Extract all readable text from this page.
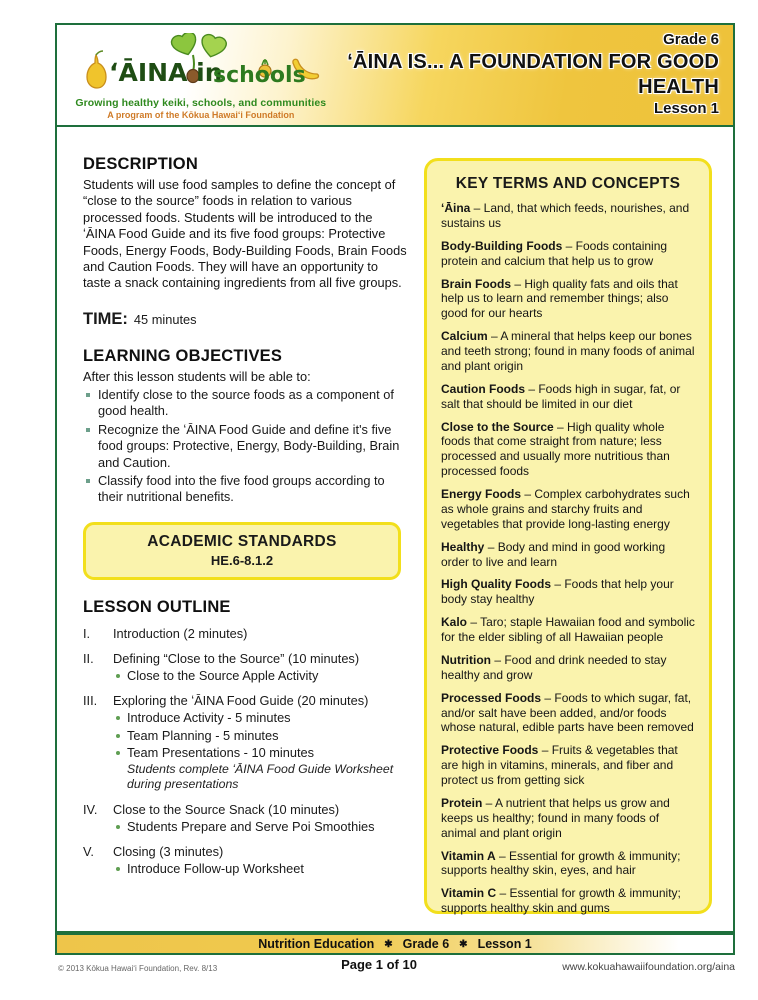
ʻĀINA in
schools
Growing healthy keiki, schools, and communities
A program of the Kōkua Hawaiʻi Foundation
Grade 6
ʻĀINA IS... A FOUNDATION FOR GOOD HEALTH
Lesson 1
DESCRIPTION

Students will use food samples to define the concept of “close to the source” foods in relation to various processed foods. Students will be introduced to the ʻĀINA Food Guide and its five food groups: Protective Foods, Energy Foods, Body-Building Foods, Brain Foods and Caution Foods. They will have an opportunity to taste a snack containing ingredients from all five groups.

TIME: 45 minutes
LEARNING OBJECTIVES
After this lesson students will be able to:
Identify close to the source foods as a component of good health.
Recognize the ʻĀINA Food Guide and define it's five food groups: Protective, Energy, Body-Building, Brain and Caution.
Classify food into the five food groups according to their nutritional benefits.
ACADEMIC STANDARDS
HE.6-8.1.2
LESSON OUTLINE
I.	Introduction (2 minutes)
II.	Defining “Close to the Source” (10 minutes)
Close to the Source Apple Activity
III.	Exploring the ʻĀINA Food Guide (20 minutes)
Introduce Activity - 5 minutes
Team Planning - 5 minutes
Team Presentations - 10 minutes
Students complete ʻĀINA Food Guide Worksheet during presentations
IV.	Close to the Source Snack (10 minutes)
Students Prepare and Serve Poi Smoothies
V.	Closing (3 minutes)
Introduce Follow-up Worksheet
KEY TERMS AND CONCEPTS

ʻĀina – Land, that which feeds, nourishes, and sustains us

Body-Building Foods – Foods containing protein and calcium that help us to grow

Brain Foods – High quality fats and oils that help us to learn and remember things; also good for our hearts

Calcium – A mineral that helps keep our bones and teeth strong; found in many foods of animal and plant origin

Caution Foods – Foods high in sugar, fat, or salt that should be limited in our diet

Close to the Source – High quality whole foods that come straight from nature; less processed and usually more nutritious than processed foods

Energy Foods – Complex carbohydrates such as whole grains and starchy fruits and vegetables that provide long-lasting energy

Healthy – Body and mind in good working order to live and learn

High Quality Foods – Foods that help your body stay healthy

Kalo – Taro; staple Hawaiian food and symbolic for the elder sibling of all Hawaiian people

Nutrition – Food and drink needed to stay healthy and grow

Processed Foods – Foods to which sugar, fat, and/or salt have been added, and/or foods whose natural, edible parts have been removed

Protective Foods – Fruits & vegetables that are high in vitamins, minerals, and fiber and protect us from getting sick

Protein – A nutrient that helps us grow and keeps us healthy; found in many foods of animal and plant origin

Vitamin A – Essential for growth & immunity; supports healthy skin, eyes, and hair

Vitamin C – Essential for growth & immunity; supports healthy skin and gums

Nutrition Education ✱ Grade 6 ✱ Lesson 1
© 2013 Kōkua Hawaiʻi Foundation, Rev. 8/13	Page 1 of 10	www.kokuahawaiifoundation.org/aina
